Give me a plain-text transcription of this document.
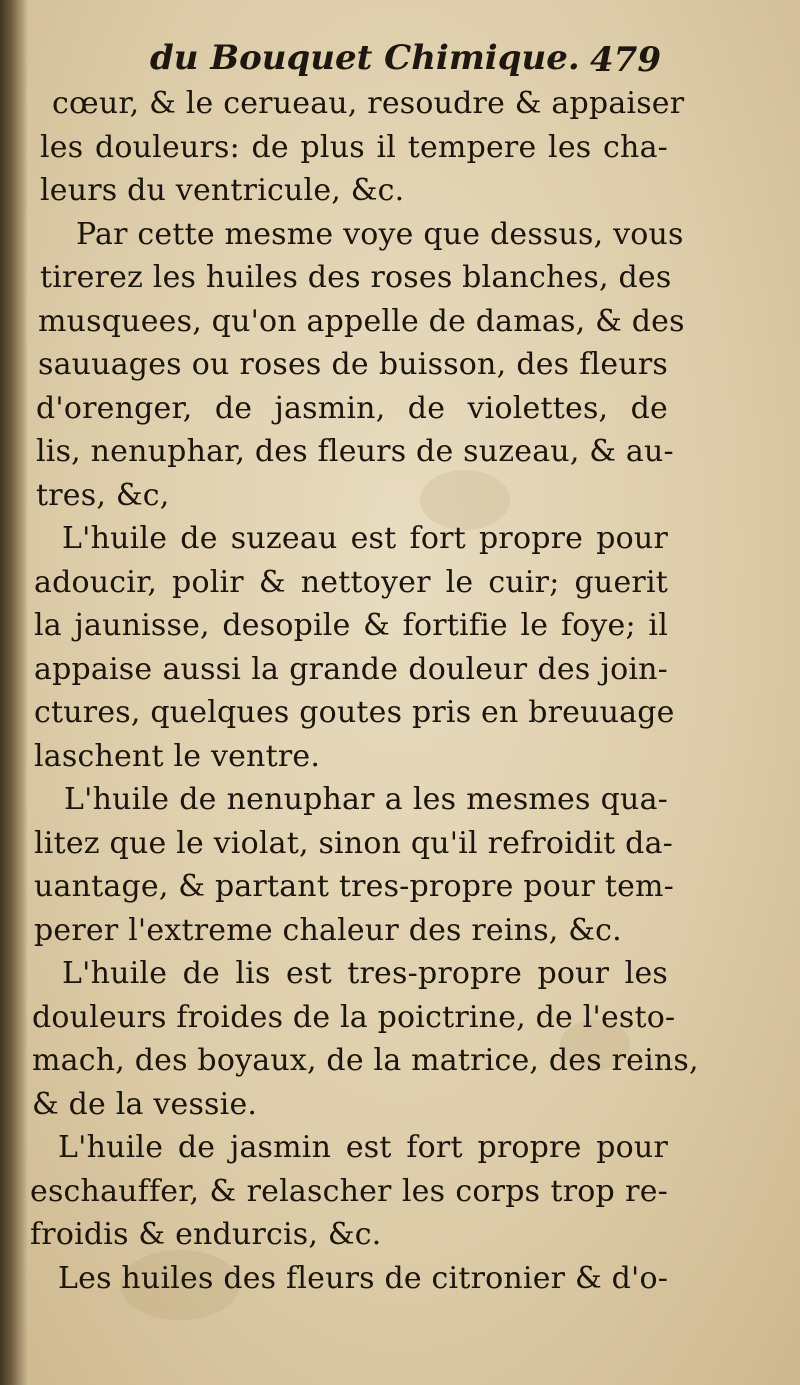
du Bouquet Chimique. 479
cœur, & le cerueau, resoudre & appaiser
les douleurs: de plus il tempere les cha-
leurs du ventricule, &c.
Par cette mesme voye que dessus, vous
tirerez les huiles des roses blanches, des
musquees, qu'on appelle de damas, & des
sauuages ou roses de buisson, des fleurs
d'orenger, de jasmin, de violettes, de
lis, nenuphar, des fleurs de suzeau, & au-
tres, &c,
L'huile de suzeau est fort propre pour
adoucir, polir & nettoyer le cuir; guerit
la jaunisse, desopile & fortifie le foye; il
appaise aussi la grande douleur des join-
ctures, quelques goutes pris en breuuage
laschent le ventre.
L'huile de nenuphar a les mesmes qua-
litez que le violat, sinon qu'il refroidit da-
uantage, & partant tres-propre pour tem-
perer l'extreme chaleur des reins, &c.
L'huile de lis est tres-propre pour les
douleurs froides de la poictrine, de l'esto-
mach, des boyaux, de la matrice, des reins,
& de la vessie.
L'huile de jasmin est fort propre pour
eschauffer, & relascher les corps trop re-
froidis & endurcis, &c.
Les huiles des fleurs de citronier & d'o-
